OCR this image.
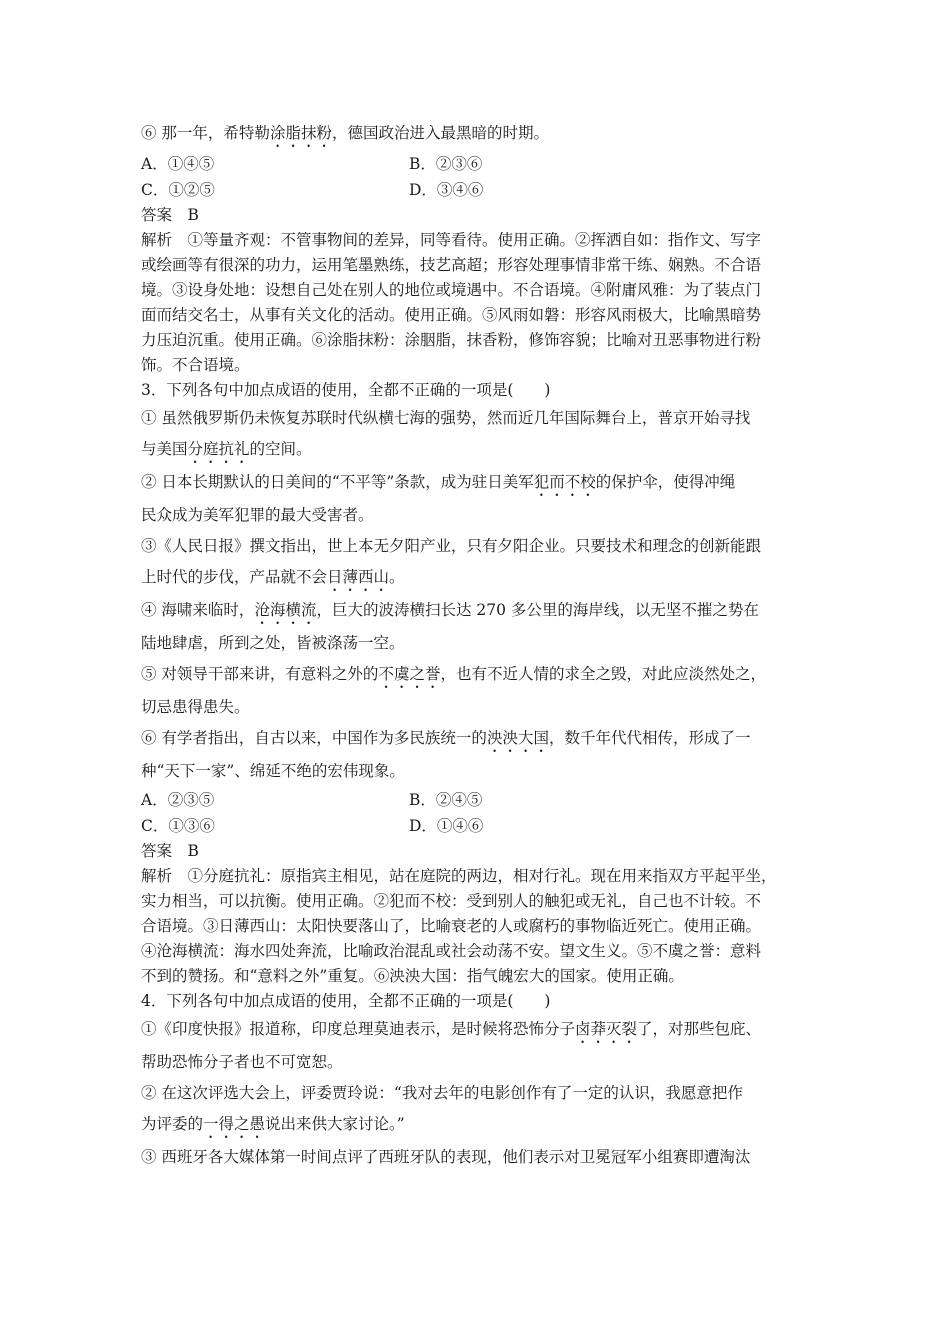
⑥ 那一年，希特勒涂脂抹粉，德国政治进入最黑暗的时期。
A．①④⑤	B．②③⑥
C．①②⑤	D．③④⑥
答案　B
解析　①等量齐观：不管事物间的差异，同等看待。使用正确。②挥洒自如：指作文、写字
或绘画等有很深的功力，运用笔墨熟练，技艺高超；形容处理事情非常干练、娴熟。不合语
境。③设身处地：设想自己处在别人的地位或境遇中。不合语境。④附庸风雅：为了装点门
面而结交名士，从事有关文化的活动。使用正确。⑤风雨如磐：形容风雨极大，比喻黑暗势
力压迫沉重。使用正确。⑥涂脂抹粉：涂胭脂，抹香粉，修饰容貌；比喻对丑恶事物进行粉
饰。不合语境。
3．下列各句中加点成语的使用，全都不正确的一项是(　　)
① 虽然俄罗斯仍未恢复苏联时代纵横七海的强势，然而近几年国际舞台上，普京开始寻找
与美国分庭抗礼的空间。
② 日本长期默认的日美间的“不平等”条款，成为驻日美军犯而不校的保护伞，使得冲绳
民众成为美军犯罪的最大受害者。
③《人民日报》撰文指出，世上本无夕阳产业，只有夕阳企业。只要技术和理念的创新能跟
上时代的步伐，产品就不会日薄西山。
④ 海啸来临时，沧海横流，巨大的波涛横扫长达 270 多公里的海岸线，以无坚不摧之势在
陆地肆虐，所到之处，皆被涤荡一空。
⑤ 对领导干部来讲，有意料之外的不虞之誉，也有不近人情的求全之毁，对此应淡然处之，
切忌患得患失。
⑥ 有学者指出，自古以来，中国作为多民族统一的泱泱大国，数千年代代相传，形成了一
种“天下一家”、绵延不绝的宏伟现象。
A．②③⑤	B．②④⑤
C．①③⑥	D．①④⑥
答案　B
解析　①分庭抗礼：原指宾主相见，站在庭院的两边，相对行礼。现在用来指双方平起平坐，
实力相当，可以抗衡。使用正确。②犯而不校：受到别人的触犯或无礼，自己也不计较。不
合语境。③日薄西山：太阳快要落山了，比喻衰老的人或腐朽的事物临近死亡。使用正确。
④沧海横流：海水四处奔流，比喻政治混乱或社会动荡不安。望文生义。⑤不虞之誉：意料
不到的赞扬。和“意料之外”重复。⑥泱泱大国：指气魄宏大的国家。使用正确。
4．下列各句中加点成语的使用，全都不正确的一项是(　　)
①《印度快报》报道称，印度总理莫迪表示，是时候将恐怖分子卤莽灭裂了，对那些包庇、
帮助恐怖分子者也不可宽恕。
② 在这次评选大会上，评委贾玲说：“我对去年的电影创作有了一定的认识，我愿意把作
为评委的一得之愚说出来供大家讨论。”
③ 西班牙各大媒体第一时间点评了西班牙队的表现，他们表示对卫冕冠军小组赛即遭淘汰
